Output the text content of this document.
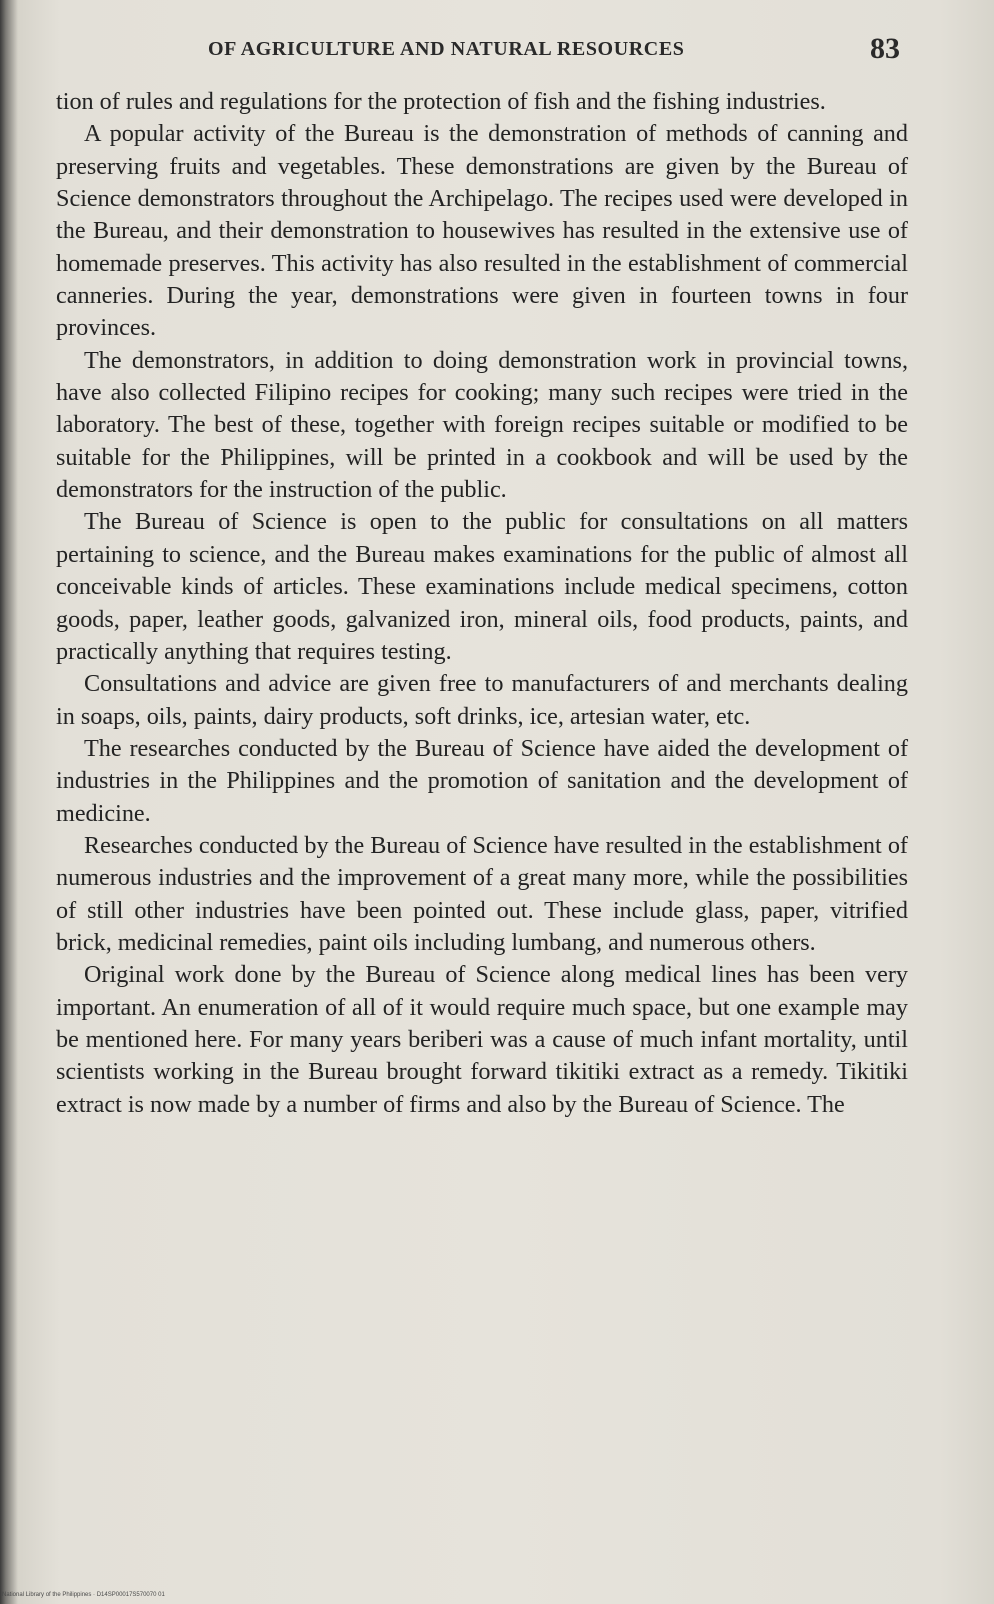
OF AGRICULTURE AND NATURAL RESOURCES	83

tion of rules and regulations for the protection of fish and the fishing industries.

A popular activity of the Bureau is the demonstration of methods of canning and preserving fruits and vegetables. These demonstrations are given by the Bureau of Science demonstrators throughout the Archipelago. The recipes used were developed in the Bureau, and their demonstration to housewives has resulted in the extensive use of homemade preserves. This activity has also resulted in the establishment of commercial canneries. During the year, demonstrations were given in fourteen towns in four provinces.

The demonstrators, in addition to doing demonstration work in provincial towns, have also collected Filipino recipes for cooking; many such recipes were tried in the laboratory. The best of these, together with foreign recipes suitable or modified to be suitable for the Philippines, will be printed in a cookbook and will be used by the demonstrators for the instruction of the public.

The Bureau of Science is open to the public for consultations on all matters pertaining to science, and the Bureau makes examinations for the public of almost all conceivable kinds of articles. These examinations include medical specimens, cotton goods, paper, leather goods, galvanized iron, mineral oils, food products, paints, and practically anything that requires testing.

Consultations and advice are given free to manufacturers of and merchants dealing in soaps, oils, paints, dairy products, soft drinks, ice, artesian water, etc.

The researches conducted by the Bureau of Science have aided the development of industries in the Philippines and the promotion of sanitation and the development of medicine.

Researches conducted by the Bureau of Science have resulted in the establishment of numerous industries and the improvement of a great many more, while the possibilities of still other industries have been pointed out. These include glass, paper, vitrified brick, medicinal remedies, paint oils including lumbang, and numerous others.

Original work done by the Bureau of Science along medical lines has been very important. An enumeration of all of it would require much space, but one example may be mentioned here. For many years beriberi was a cause of much infant mortality, until scientists working in the Bureau brought forward tikitiki extract as a remedy. Tikitiki extract is now made by a number of firms and also by the Bureau of Science. The

National Library of the Philippines · D14SP00017S570070 01
